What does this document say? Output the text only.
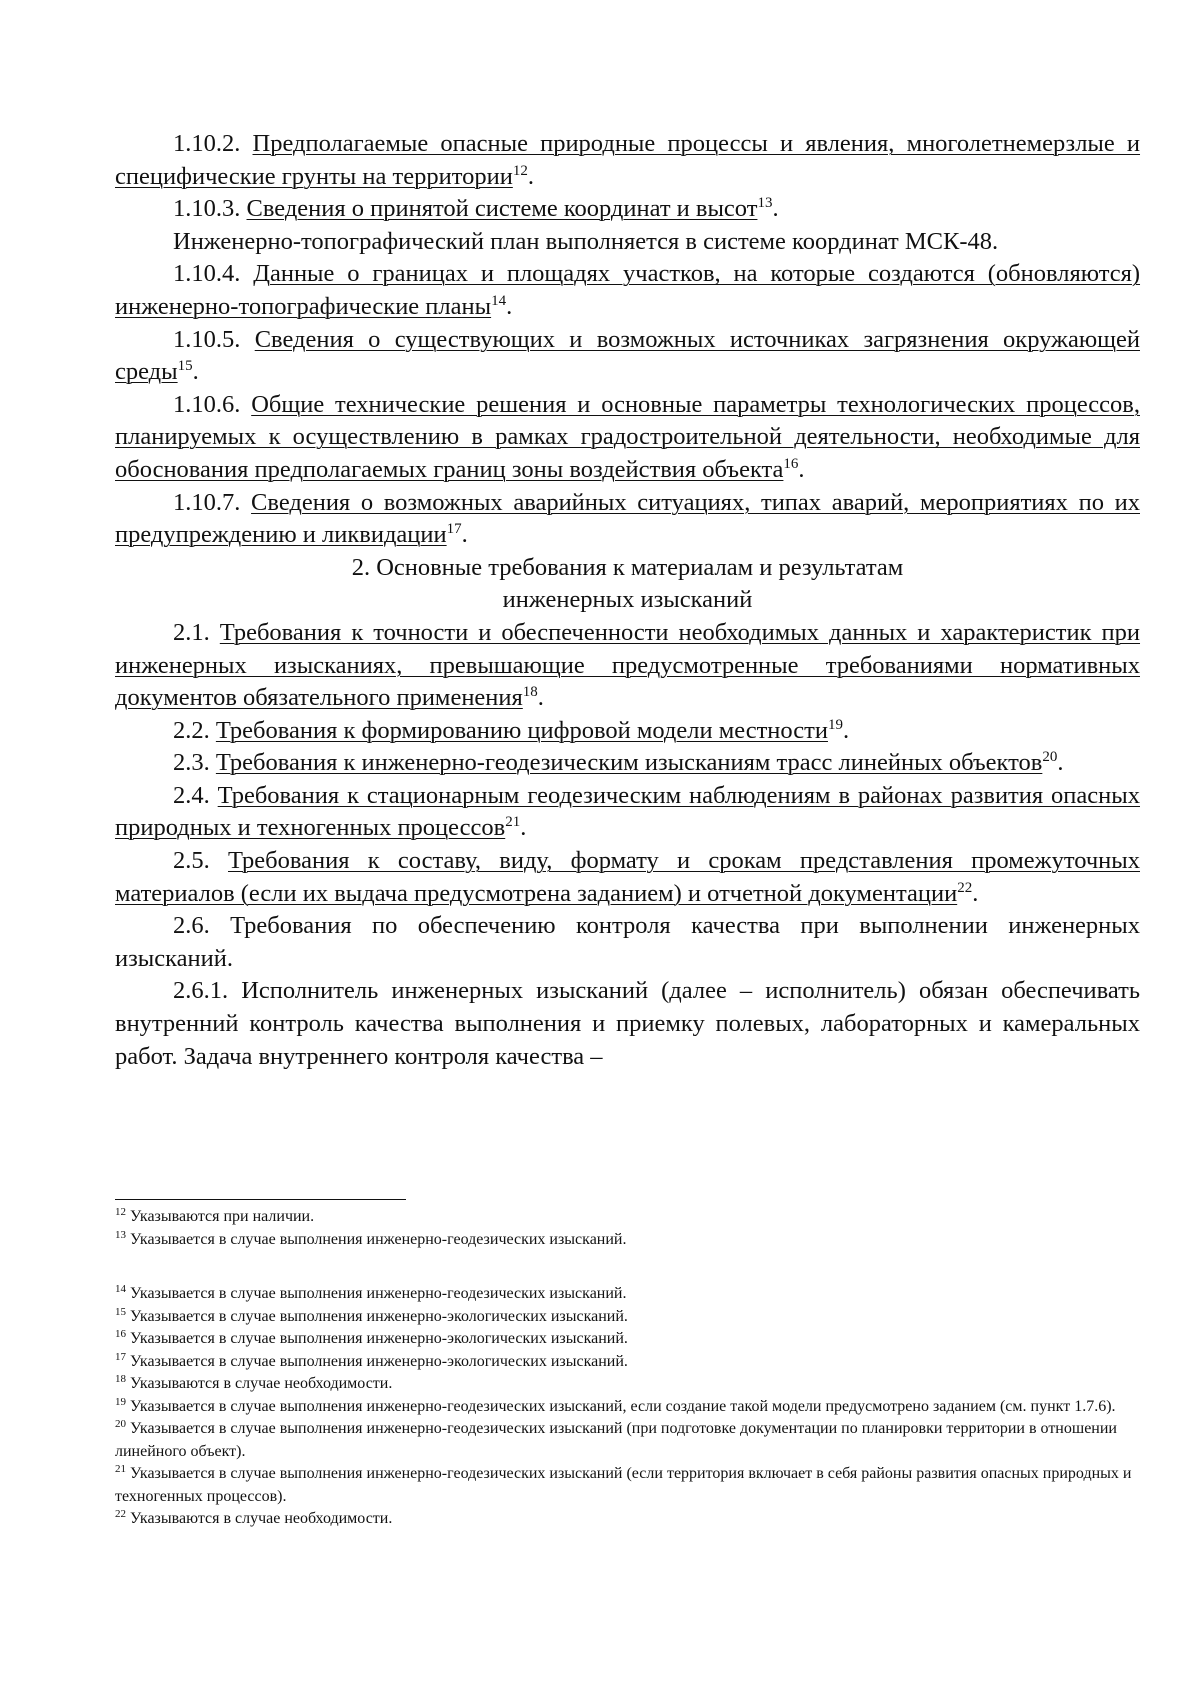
1.10.2. Предполагаемые опасные природные процессы и явления, многолетнемерзлые и специфические грунты на территории$^{12}$.

1.10.3. Сведения о принятой системе координат и высот$^{13}$.

Инженерно-топографический план выполняется в системе координат МСК-48.

1.10.4. Данные о границах и площадях участков, на которые создаются (обновляются) инженерно-топографические планы$^{14}$.

1.10.5. Сведения о существующих и возможных источниках загрязнения окружающей среды$^{15}$.

1.10.6. Общие технические решения и основные параметры технологических процессов, планируемых к осуществлению в рамках градостроительной деятельности, необходимые для обоснования предполагаемых границ зоны воздействия объекта$^{16}$.

1.10.7. Сведения о возможных аварийных ситуациях, типах аварий, мероприятиях по их предупреждению и ликвидации$^{17}$.

2. Основные требования к материалам и результатам

инженерных изысканий

2.1. Требования к точности и обеспеченности необходимых данных и характеристик при инженерных изысканиях, превышающие предусмотренные требованиями нормативных документов обязательного применения$^{18}$.

2.2. Требования к формированию цифровой модели местности$^{19}$.

2.3. Требования к инженерно-геодезическим изысканиям трасс линейных объектов$^{20}$.

2.4. Требования к стационарным геодезическим наблюдениям в районах развития опасных природных и техногенных процессов$^{21}$.

2.5. Требования к составу, виду, формату и срокам представления промежуточных материалов (если их выдача предусмотрена заданием) и отчетной документации$^{22}$.

2.6. Требования по обеспечению контроля качества при выполнении инженерных изысканий.

2.6.1. Исполнитель инженерных изысканий (далее – исполнитель) обязан обеспечивать внутренний контроль качества выполнения и приемку полевых, лабораторных и камеральных работ. Задача внутреннего контроля качества –

$^{12}$ Указываются при наличии.

$^{13}$ Указывается в случае выполнения инженерно-геодезических изысканий.

$^{14}$ Указывается в случае выполнения инженерно-геодезических изысканий.

$^{15}$ Указывается в случае выполнения инженерно-экологических изысканий.

$^{16}$ Указывается в случае выполнения инженерно-экологических изысканий.

$^{17}$ Указывается в случае выполнения инженерно-экологических изысканий.

$^{18}$ Указываются в случае необходимости.

$^{19}$ Указывается в случае выполнения инженерно-геодезических изысканий, если создание такой модели предусмотрено заданием (см. пункт 1.7.6).

$^{20}$ Указывается в случае выполнения инженерно-геодезических изысканий (при подготовке документации по планировки территории в отношении линейного объект).

$^{21}$ Указывается в случае выполнения инженерно-геодезических изысканий (если территория включает в себя районы развития опасных природных и техногенных процессов).

$^{22}$ Указываются в случае необходимости.
